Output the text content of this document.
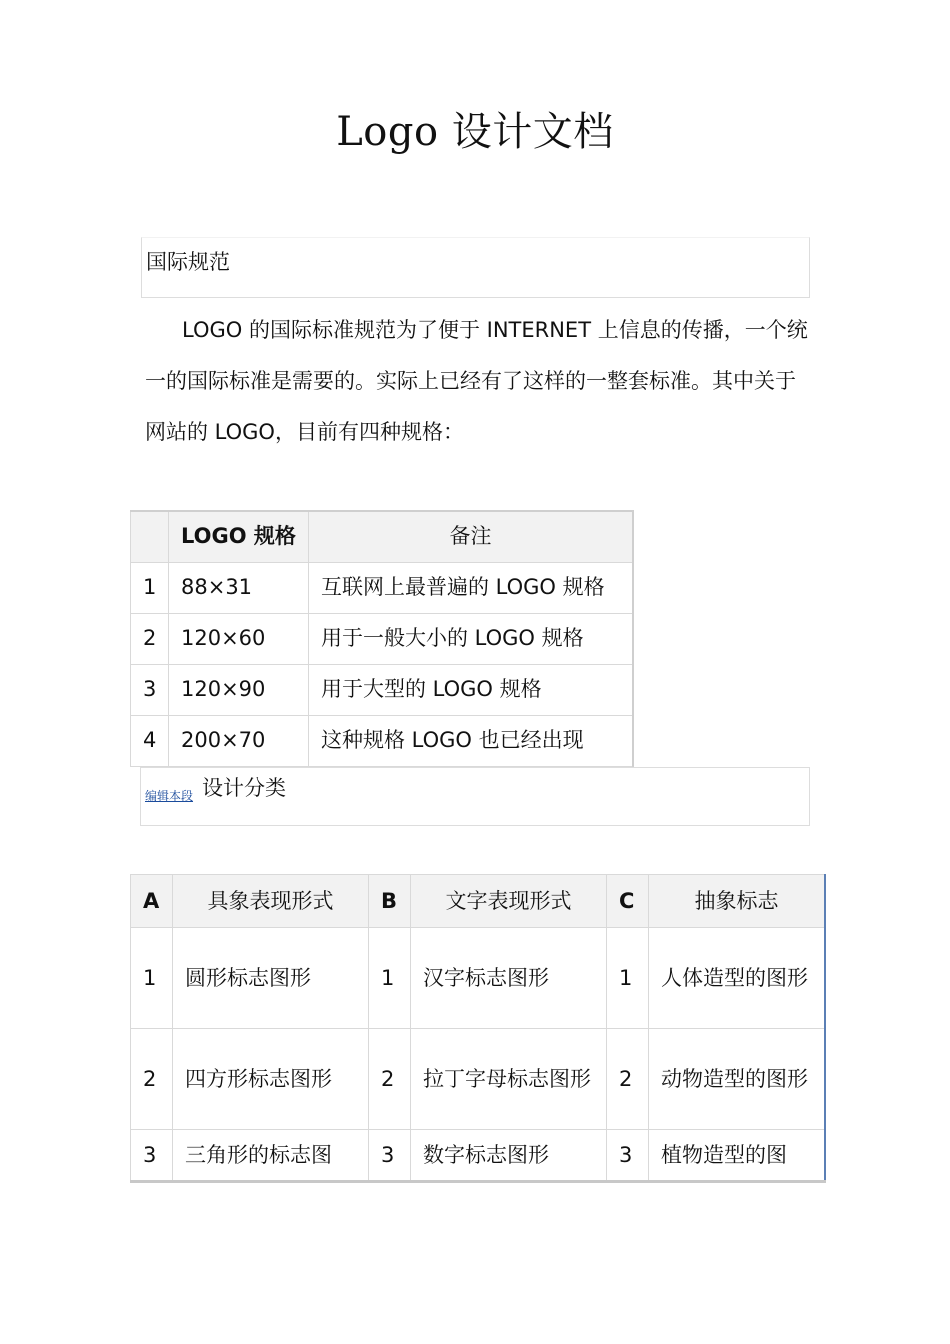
Logo 设计文档
国际规范
LOGO 的国际标准规范为了便于 INTERNET 上信息的传播，一个统一的国际标准是需要的。实际上已经有了这样的一整套标准。其中关于网站的 LOGO，目前有四种规格：
	LOGO 规格	备注
1	88×31	互联网上最普遍的 LOGO 规格
2	120×60	用于一般大小的 LOGO 规格
3	120×90	用于大型的 LOGO 规格
4	200×70	这种规格 LOGO 也已经出现
编辑本段 设计分类
A	具象表现形式	B	文字表现形式	C	抽象标志
1	圆形标志图形	1	汉字标志图形	1	人体造型的图形
2	四方形标志图形	2	拉丁字母标志图形	2	动物造型的图形
3	三角形的标志图	3	数字标志图形	3	植物造型的图
